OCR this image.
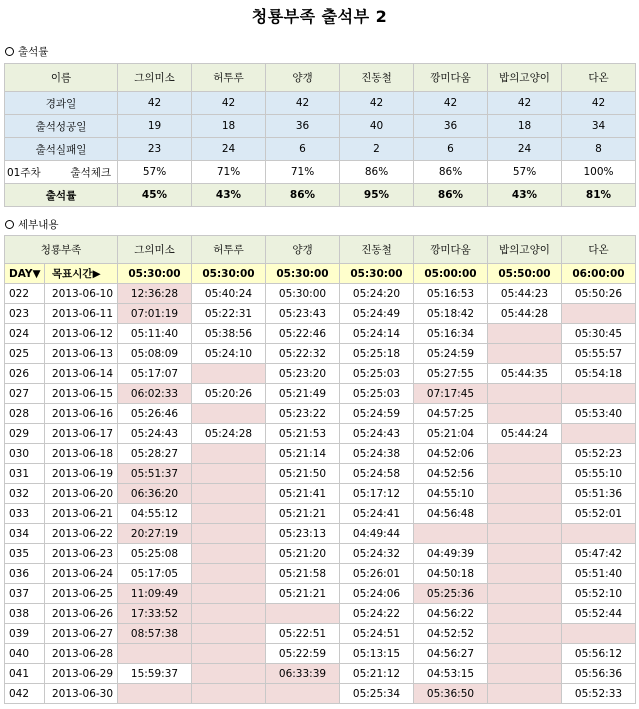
청룡부족 출석부 2
출석률
이름	그의미소	허투루	양갱	진동철	깡미다움	밥의고양이	다온
경과일	42	42	42	42	42	42	42
출석성공일	19	18	36	40	36	18	34
출석실패일	23	24	6	2	6	24	8

01주차 출석체크	57%	71%	71%	86%	86%	57%	100%
출석률	45%	43%	86%	95%	86%	43%	81%
세부내용
청룡부족		그의미소	허투루	양갱	진동철	깡미다움	밥의고양이	다온
DAY▼	목표시간▶	05:30:00	05:30:00	05:30:00	05:30:00	05:00:00	05:50:00	06:00:00
022	2013-06-10	12:36:28	05:40:24	05:30:00	05:24:20	05:16:53	05:44:23	05:50:26
023	2013-06-11	07:01:19	05:22:31	05:23:43	05:24:49	05:18:42	05:44:28	
024	2013-06-12	05:11:40	05:38:56	05:22:46	05:24:14	05:16:34		05:30:45
025	2013-06-13	05:08:09	05:24:10	05:22:32	05:25:18	05:24:59		05:55:57
026	2013-06-14	05:17:07		05:23:20	05:25:03	05:27:55	05:44:35	05:54:18
027	2013-06-15	06:02:33	05:20:26	05:21:49	05:25:03	07:17:45		
028	2013-06-16	05:26:46		05:23:22	05:24:59	04:57:25		05:53:40
029	2013-06-17	05:24:43	05:24:28	05:21:53	05:24:43	05:21:04	05:44:24	
030	2013-06-18	05:28:27		05:21:14	05:24:38	04:52:06		05:52:23
031	2013-06-19	05:51:37		05:21:50	05:24:58	04:52:56		05:55:10
032	2013-06-20	06:36:20		05:21:41	05:17:12	04:55:10		05:51:36
033	2013-06-21	04:55:12		05:21:21	05:24:41	04:56:48		05:52:01
034	2013-06-22	20:27:19		05:23:13	04:49:44			
035	2013-06-23	05:25:08		05:21:20	05:24:32	04:49:39		05:47:42
036	2013-06-24	05:17:05		05:21:58	05:26:01	04:50:18		05:51:40
037	2013-06-25	11:09:49		05:21:21	05:24:06	05:25:36		05:52:10
038	2013-06-26	17:33:52			05:24:22	04:56:22		05:52:44
039	2013-06-27	08:57:38		05:22:51	05:24:51	04:52:52		
040	2013-06-28			05:22:59	05:13:15	04:56:27		05:56:12
041	2013-06-29	15:59:37		06:33:39	05:21:12	04:53:15		05:56:36
042	2013-06-30				05:25:34	05:36:50		05:52:33
